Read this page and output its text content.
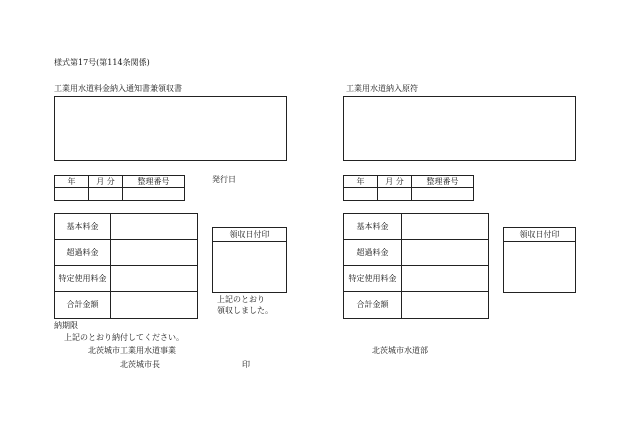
様式第17号(第114条関係)
工業用水道料金納入通知書兼領収書
年	月 分	整理番号
			発行日
基本料金	
超過料金	
特定使用料金	
合計金額	
領収日付印
上記のとおり
領収しました。
納期限
上記のとおり納付してください。
北茨城市工業用水道事業
北茨城市長	印
工業用水道納入原符
年	月 分	整理番号

基本料金	
超過料金	
特定使用料金	
合計金額	
領収日付印
北茨城市水道部
